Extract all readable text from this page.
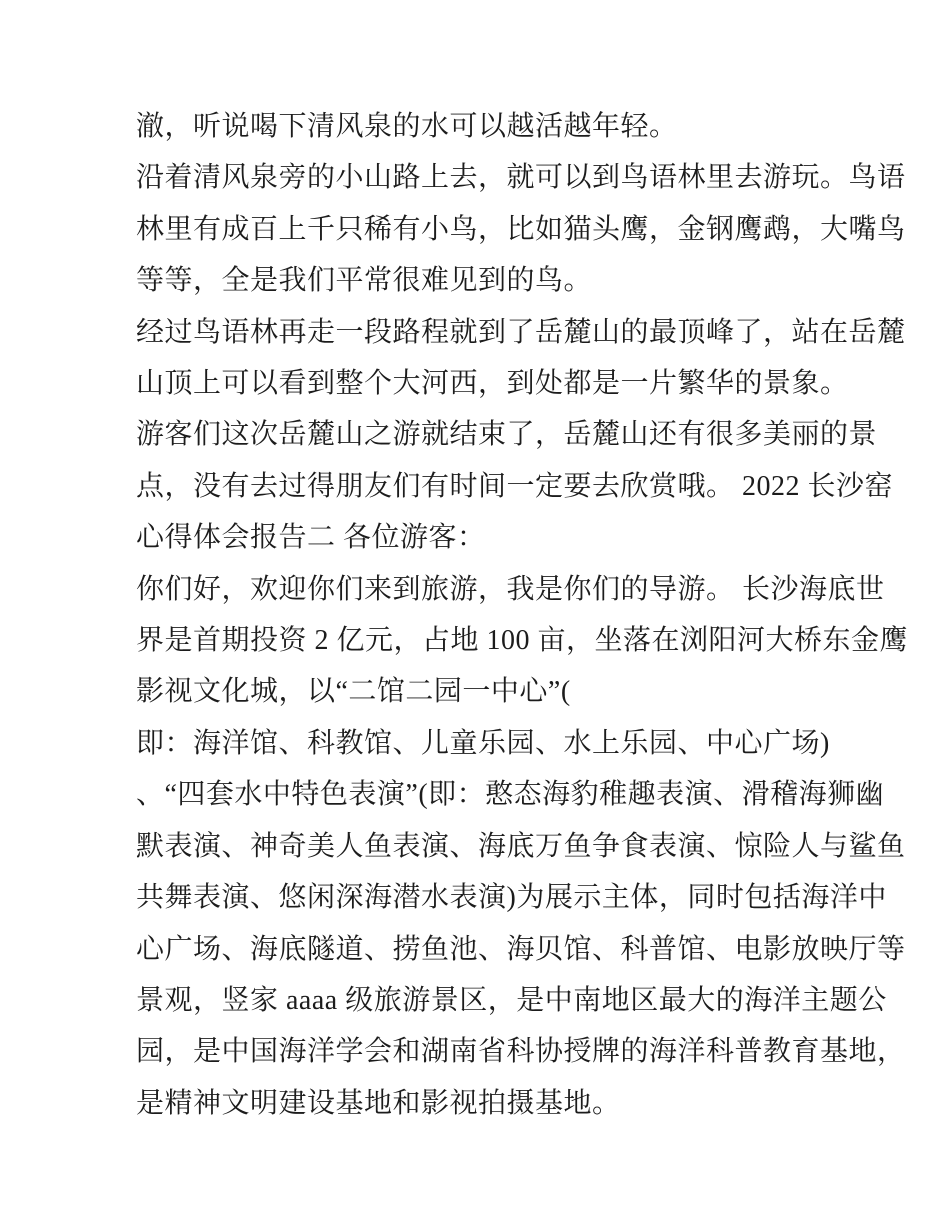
澈，听说喝下清风泉的水可以越活越年轻。
沿着清风泉旁的小山路上去，就可以到鸟语林里去游玩。鸟语
林里有成百上千只稀有小鸟，比如猫头鹰，金钢鹰鹉，大嘴鸟
等等，全是我们平常很难见到的鸟。
经过鸟语林再走一段路程就到了岳麓山的最顶峰了，站在岳麓
山顶上可以看到整个大河西，到处都是一片繁华的景象。
游客们这次岳麓山之游就结束了，岳麓山还有很多美丽的景
点，没有去过得朋友们有时间一定要去欣赏哦。 2022 长沙窑
心得体会报告二 各位游客：
你们好，欢迎你们来到旅游，我是你们的导游。 长沙海底世
界是首期投资 2 亿元，占地 100 亩，坐落在浏阳河大桥东金鹰
影视文化城，以“二馆二园一中心”(
即：海洋馆、科教馆、儿童乐园、水上乐园、中心广场)
、“四套水中特色表演”(即：憨态海豹稚趣表演、滑稽海狮幽
默表演、神奇美人鱼表演、海底万鱼争食表演、惊险人与鲨鱼
共舞表演、悠闲深海潜水表演)为展示主体，同时包括海洋中
心广场、海底隧道、捞鱼池、海贝馆、科普馆、电影放映厅等
景观，竖家 aaaa 级旅游景区，是中南地区最大的海洋主题公
园，是中国海洋学会和湖南省科协授牌的海洋科普教育基地，
是精神文明建设基地和影视拍摄基地。
